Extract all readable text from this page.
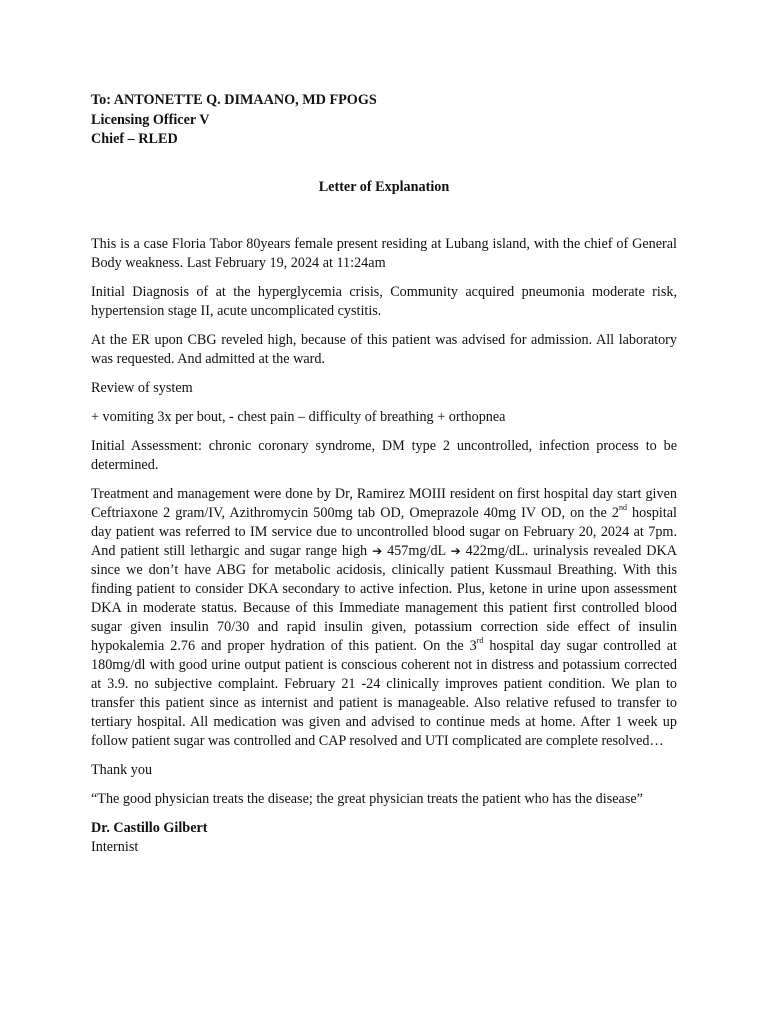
To: ANTONETTE Q. DIMAANO, MD FPOGS
Licensing Officer V
Chief – RLED
Letter of Explanation

This is a case Floria Tabor 80years female present residing at Lubang island, with the chief of General Body weakness. Last February 19, 2024 at 11:24am

Initial Diagnosis of at the hyperglycemia crisis, Community acquired pneumonia moderate risk, hypertension stage II, acute uncomplicated cystitis.

At the ER upon CBG reveled high, because of this patient was advised for admission. All laboratory was requested. And admitted at the ward.

Review of system

+ vomiting 3x per bout, - chest pain – difficulty of breathing + orthopnea

Initial Assessment: chronic coronary syndrome, DM type 2 uncontrolled, infection process to be determined.

Treatment and management were done by Dr, Ramirez MOIII resident on first hospital day start given Ceftriaxone 2 gram/IV, Azithromycin 500mg tab OD, Omeprazole 40mg IV OD, on the 2nd hospital day patient was referred to IM service due to uncontrolled blood sugar on February 20, 2024 at 7pm. And patient still lethargic and sugar range high ➔ 457mg/dL ➔ 422mg/dL. urinalysis revealed DKA since we don’t have ABG for metabolic acidosis, clinically patient Kussmaul Breathing. With this finding patient to consider DKA secondary to active infection. Plus, ketone in urine upon assessment DKA in moderate status. Because of this Immediate management this patient first controlled blood sugar given insulin 70/30 and rapid insulin given, potassium correction side effect of insulin hypokalemia 2.76 and proper hydration of this patient. On the 3rd hospital day sugar controlled at 180mg/dl with good urine output patient is conscious coherent not in distress and potassium corrected at 3.9. no subjective complaint. February 21 -24 clinically improves patient condition. We plan to transfer this patient since as internist and patient is manageable. Also relative refused to transfer to tertiary hospital. All medication was given and advised to continue meds at home. After 1 week up follow patient sugar was controlled and CAP resolved and UTI complicated are complete resolved…

Thank you

“The good physician treats the disease; the great physician treats the patient who has the disease”

Dr. Castillo Gilbert

Internist
